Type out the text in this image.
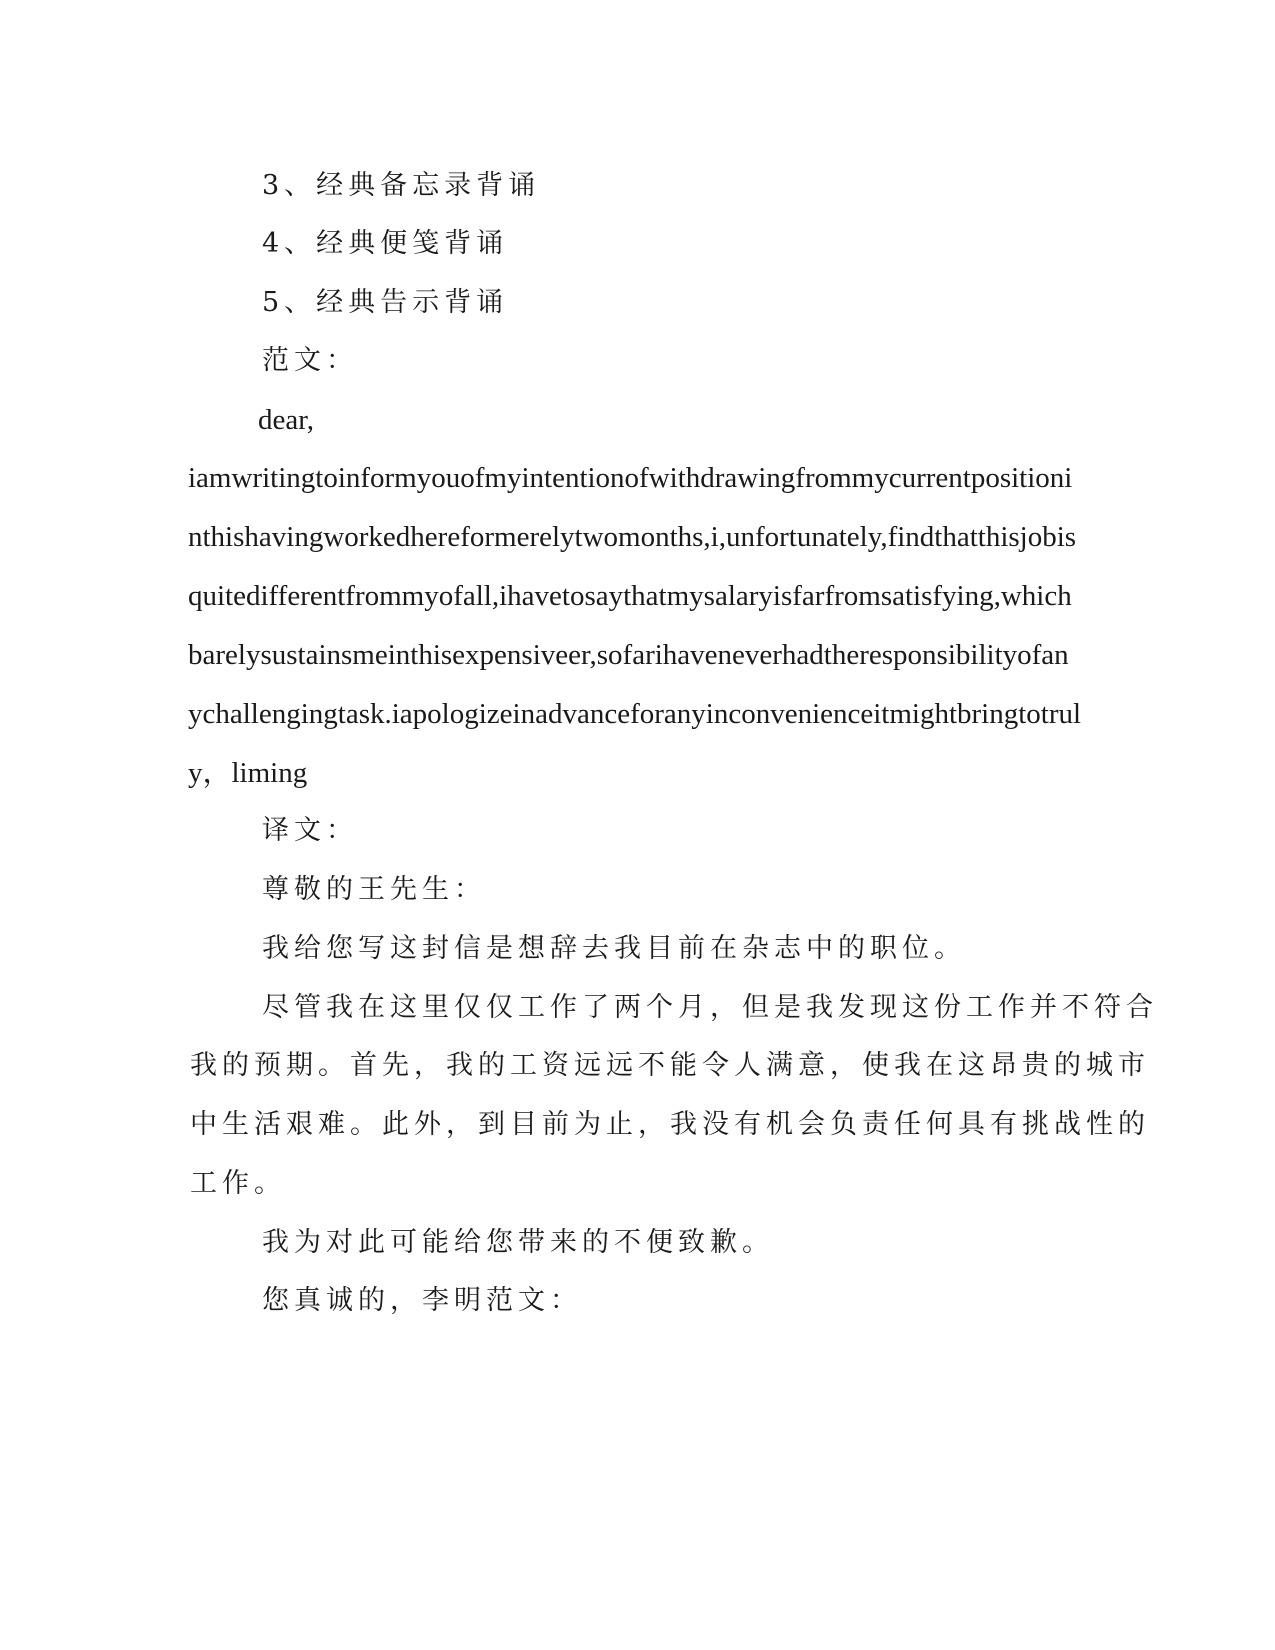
3、经典备忘录背诵
4、经典便笺背诵
5、经典告示背诵
范文：
dear,
iamwritingtoinformyouofmyintentionofwithdrawingfrommycurrentpositioni
nthishavingworkedhereformerelytwomonths,i,unfortunately,findthatthisjobis
quitedifferentfrommyofall,ihavetosaythatmysalaryisfarfromsatisfying,which
barelysustainsmeinthisexpensiveer,sofarihaveneverhadtheresponsibilityofan
ychallengingtask.iapologizeinadvanceforanyinconvenienceitmightbringtotrul
y，liming
译文：
尊敬的王先生：
我给您写这封信是想辞去我目前在杂志中的职位。
尽管我在这里仅仅工作了两个月，但是我发现这份工作并不符合
我的预期。首先，我的工资远远不能令人满意，使我在这昂贵的城市
中生活艰难。此外，到目前为止，我没有机会负责任何具有挑战性的
工作。
我为对此可能给您带来的不便致歉。
您真诚的，李明范文：
